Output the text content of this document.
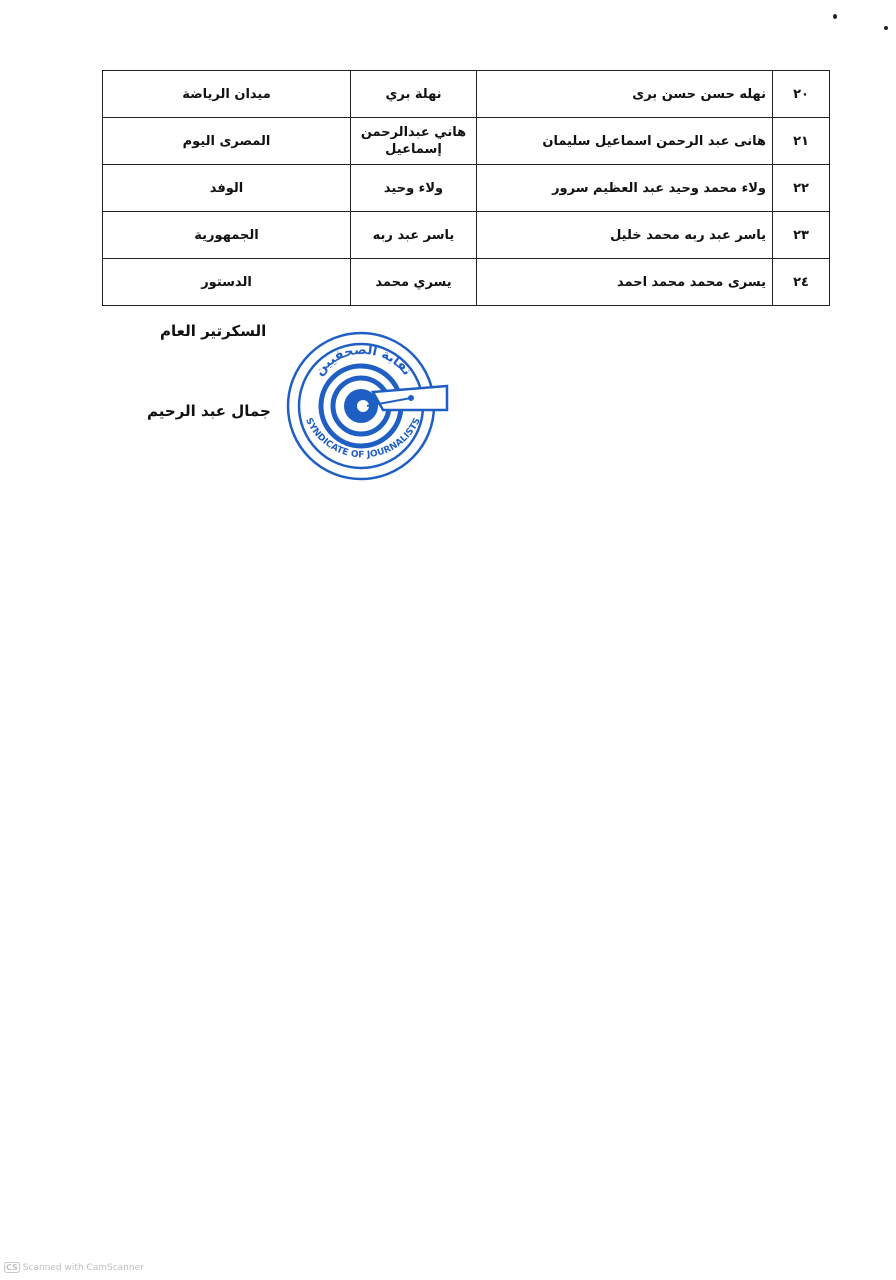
٢٠	نهله حسن حسن برى	نهلة بري	ميدان الرياضة
٢١	هانى عبد الرحمن اسماعيل سليمان	هاني عبدالرحمن إسماعيل	المصرى اليوم
٢٢	ولاء محمد وحيد عبد العظيم سرور	ولاء وحيد	الوفد
٢٣	ياسر عبد ربه محمد خليل	ياسر عبد ربه	الجمهورية
٢٤	يسرى محمد محمد احمد	يسري محمد	الدستور
السكرتير العام
جمال عبد الرحيم
نقابة الصحفيين
SYNDICATE OF JOURNALISTS
CS Scanned with CamScanner
